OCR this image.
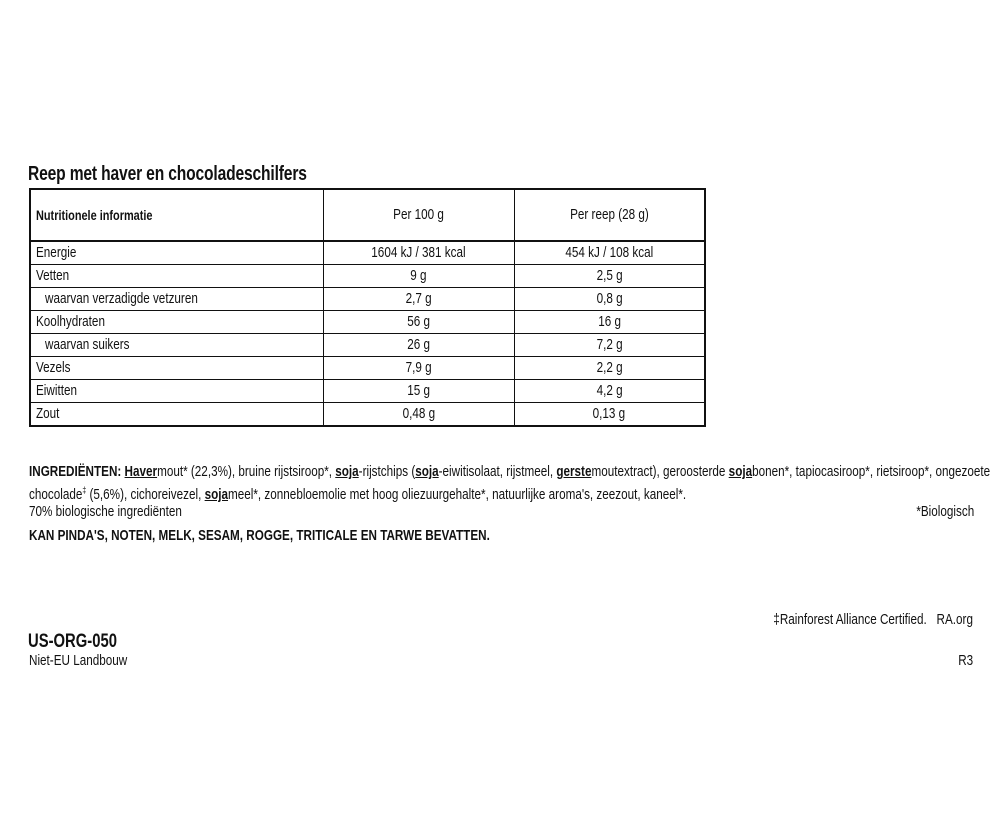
Reep met haver en chocoladeschilfers
Nutritionele informatie	Per 100 g	Per reep (28 g)
Energie	1604 kJ / 381 kcal	454 kJ / 108 kcal
Vetten	9 g	2,5 g
waarvan verzadigde vetzuren	2,7 g	0,8 g
Koolhydraten	56 g	16 g
waarvan suikers	26 g	7,2 g
Vezels	7,9 g	2,2 g
Eiwitten	15 g	4,2 g
Zout	0,48 g	0,13 g
INGREDIËNTEN: Havermout* (22,3%), bruine rijstsiroop*, soja-rijstchips (soja-eiwitisolaat, rijstmeel, gerstemoutextract), geroosterde sojabonen*, tapiocasiroop*, rietsiroop*, ongezoete
chocolade‡ (5,6%), cichoreivezel, sojameel*, zonnebloemolie met hoog oliezuurgehalte*, natuurlijke aroma's, zeezout, kaneel*.
70% biologische ingrediënten	*Biologisch
KAN PINDA'S, NOTEN, MELK, SESAM, ROGGE, TRITICALE EN TARWE BEVATTEN.
‡Rainforest Alliance Certified.   RA.org
US-ORG-050
Niet-EU Landbouw	R3
